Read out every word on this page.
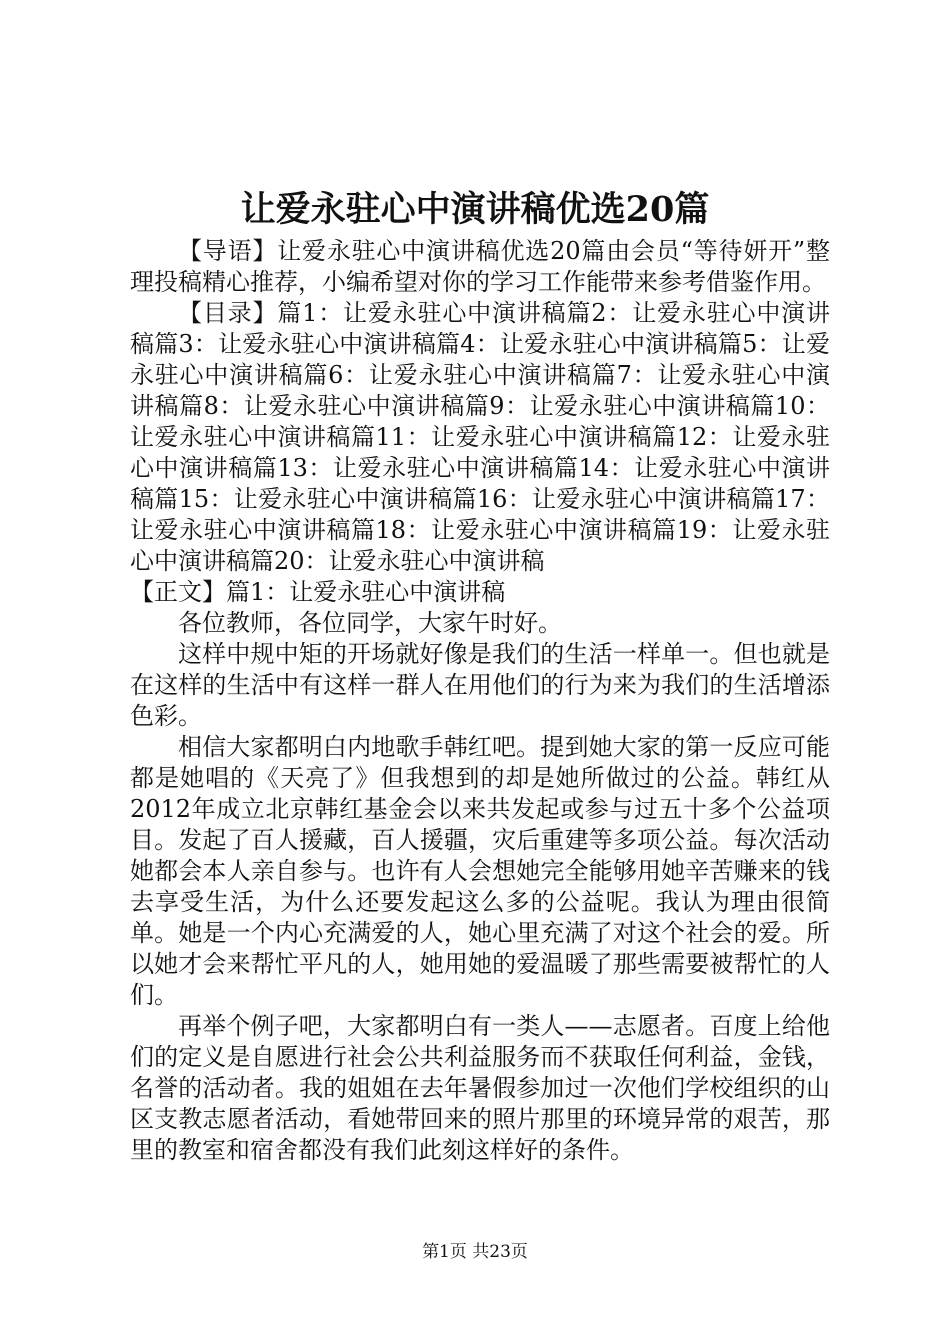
让爱永驻心中演讲稿优选20篇

【导语】让爱永驻心中演讲稿优选20篇由会员“等待妍开”整理投稿精心推荐，小编希望对你的学习工作能带来参考借鉴作用。

【目录】篇1：让爱永驻心中演讲稿篇2：让爱永驻心中演讲稿篇3：让爱永驻心中演讲稿篇4：让爱永驻心中演讲稿篇5：让爱永驻心中演讲稿篇6：让爱永驻心中演讲稿篇7：让爱永驻心中演讲稿篇8：让爱永驻心中演讲稿篇9：让爱永驻心中演讲稿篇10：让爱永驻心中演讲稿篇11：让爱永驻心中演讲稿篇12：让爱永驻心中演讲稿篇13：让爱永驻心中演讲稿篇14：让爱永驻心中演讲稿篇15：让爱永驻心中演讲稿篇16：让爱永驻心中演讲稿篇17：让爱永驻心中演讲稿篇18：让爱永驻心中演讲稿篇19：让爱永驻心中演讲稿篇20：让爱永驻心中演讲稿

【正文】篇1：让爱永驻心中演讲稿

各位教师，各位同学，大家午时好。

这样中规中矩的开场就好像是我们的生活一样单一。但也就是在这样的生活中有这样一群人在用他们的行为来为我们的生活增添色彩。

相信大家都明白内地歌手韩红吧。提到她大家的第一反应可能都是她唱的《天亮了》但我想到的却是她所做过的公益。韩红从2012年成立北京韩红基金会以来共发起或参与过五十多个公益项目。发起了百人援藏，百人援疆，灾后重建等多项公益。每次活动她都会本人亲自参与。也许有人会想她完全能够用她辛苦赚来的钱去享受生活，为什么还要发起这么多的公益呢。我认为理由很简单。她是一个内心充满爱的人，她心里充满了对这个社会的爱。所以她才会来帮忙平凡的人，她用她的爱温暖了那些需要被帮忙的人们。

再举个例子吧，大家都明白有一类人——志愿者。百度上给他们的定义是自愿进行社会公共利益服务而不获取任何利益，金钱，名誉的活动者。我的姐姐在去年暑假参加过一次他们学校组织的山区支教志愿者活动，看她带回来的照片那里的环境异常的艰苦，那里的教室和宿舍都没有我们此刻这样好的条件。

第1页 共23页
